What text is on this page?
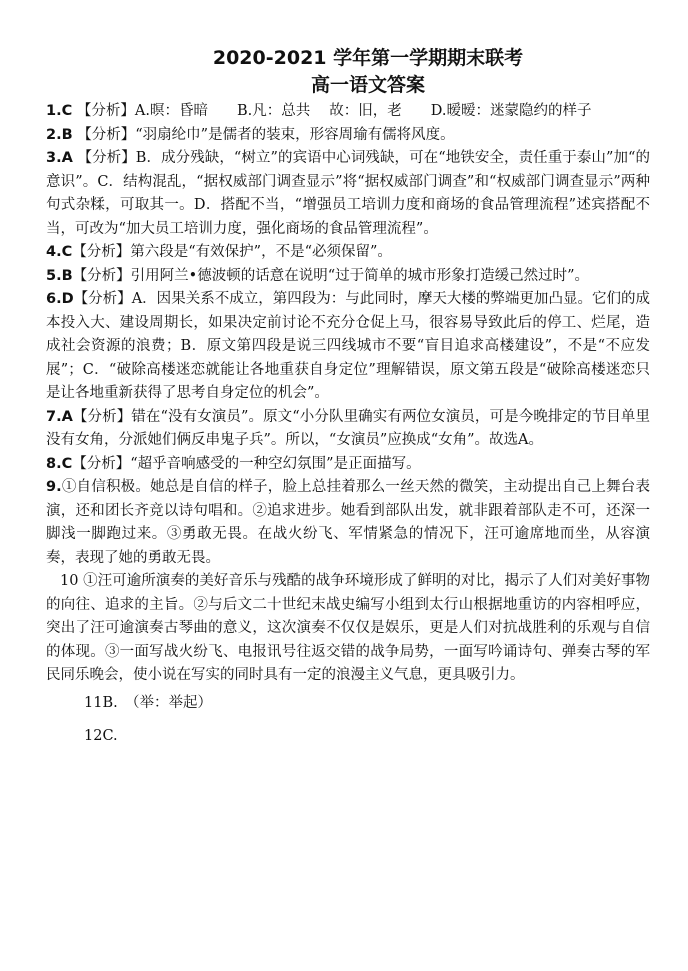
2020-2021 学年第一学期期末联考
高一语文答案

1.C 【分析】A.暝：昏暗　　B.凡：总共　 故：旧，老　　D.暧暧：迷蒙隐约的样子

2.B 【分析】“羽扇纶巾”是儒者的装束，形容周瑜有儒将风度。

3.A 【分析】B．成分残缺，“树立”的宾语中心词残缺，可在“地铁安全，责任重于泰山”加“的意识”。C．结构混乱，“据权威部门调查显示”将“据权威部门调查”和“权威部门调查显示”两种句式杂糅，可取其一。D．搭配不当，“增强员工培训力度和商场的食品管理流程”述宾搭配不当，可改为“加大员工培训力度，强化商场的食品管理流程”。

4.C【分析】第六段是“有效保护”，不是“必须保留”。

5.B【分析】引用阿兰•德波顿的话意在说明“过于简单的城市形象打造缓己然过时”。

6.D【分析】A．因果关系不成立，第四段为：与此同时，摩天大楼的弊端更加凸显。它们的成本投入大、建设周期长，如果决定前讨论不充分仓促上马，很容易导致此后的停工、烂尾，造成社会资源的浪费；B．原文第四段是说三四线城市不要“盲目追求高楼建设”，不是“不应发展”；C．“破除高楼迷恋就能让各地重获自身定位”理解错误，原文第五段是“破除高楼迷恋只是让各地重新获得了思考自身定位的机会”。

7.A【分析】错在“没有女演员”。原文“小分队里确实有两位女演员，可是今晚排定的节目单里没有女角，分派她们俩反串鬼子兵”。所以，“女演员”应换成“女角”。故选A。

8.C【分析】“超乎音响感受的一种空幻氛围”是正面描写。

9.①自信积极。她总是自信的样子，脸上总挂着那么一丝天然的微笑，主动提出自己上舞台表演，还和团长齐竞以诗句唱和。②追求进步。她看到部队出发，就非跟着部队走不可，还深一脚浅一脚跑过来。③勇敢无畏。在战火纷飞、军情紧急的情况下，汪可逾席地而坐，从容演奏，表现了她的勇敢无畏。

10 ①汪可逾所演奏的美好音乐与残酷的战争环境形成了鲜明的对比，揭示了人们对美好事物的向往、追求的主旨。②与后文二十世纪末战史编写小组到太行山根据地重访的内容相呼应，突出了汪可逾演奏古琴曲的意义，这次演奏不仅仅是娱乐，更是人们对抗战胜利的乐观与自信的体现。③一面写战火纷飞、电报讯号往返交错的战争局势，一面写吟诵诗句、弹奏古琴的军民同乐晚会，使小说在写实的同时具有一定的浪漫主义气息，更具吸引力。

11B.　 （举：举起）

12C.
